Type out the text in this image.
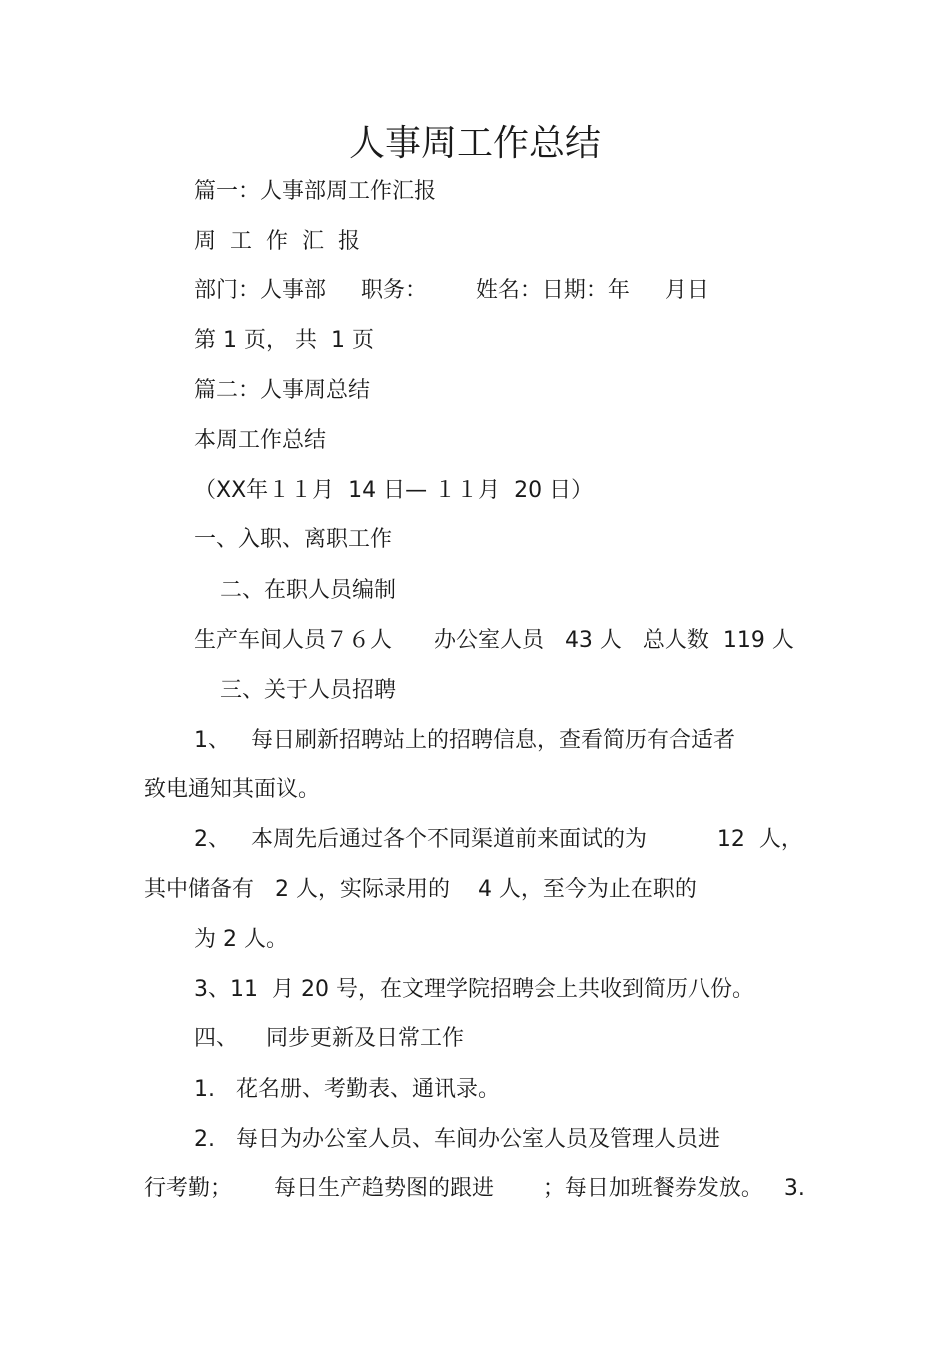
人事周工作总结
篇一：人事部周工作汇报
周  工  作  汇  报
部门：人事部     职务：       姓名：日期：年     月日
第 1 页， 共  1 页
篇二：人事周总结
本周工作总结
（XX年１１月  14 日— １１月  20 日）
一、入职、离职工作
二、在职人员编制
生产车间人员７６人      办公室人员   43 人   总人数  119 人
三、关于人员招聘
1、   每日刷新招聘站上的招聘信息，查看简历有合适者
致电通知其面议。
2、   本周先后通过各个不同渠道前来面试的为          12  人，
其中储备有   2 人，实际录用的    4 人，至今为止在职的
为 2 人。
3、11  月 20 号，在文理学院招聘会上共收到简历八份。
四、    同步更新及日常工作
1.   花名册、考勤表、通讯录。
2.   每日为办公室人员、车间办公室人员及管理人员进
行考勤；      每日生产趋势图的跟进       ；每日加班餐券发放。   3.
